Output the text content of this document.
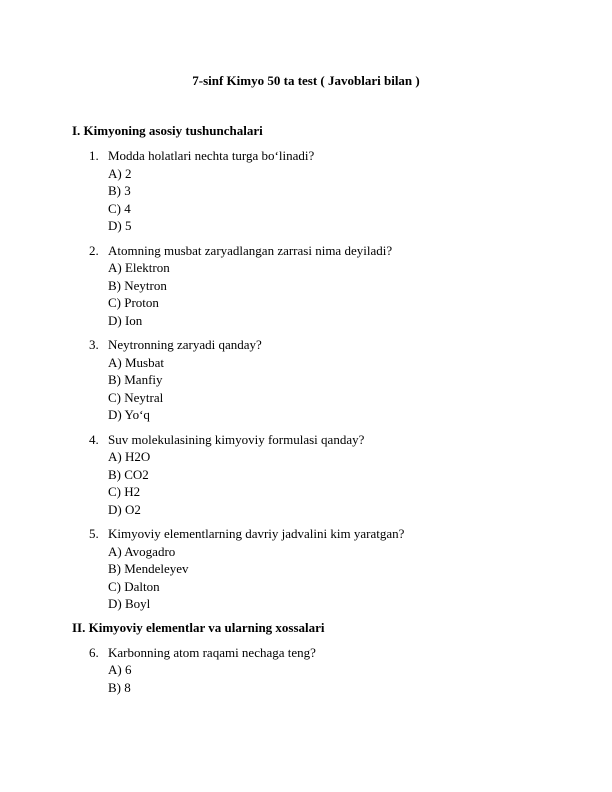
7-sinf Kimyo 50 ta test ( Javoblari bilan )
I. Kimyoning asosiy tushunchalari
1. Modda holatlari nechta turga bo‘linadi?
A) 2
B) 3
C) 4
D) 5
2. Atomning musbat zaryadlangan zarrasi nima deyiladi?
A) Elektron
B) Neytron
C) Proton
D) Ion
3. Neytronning zaryadi qanday?
A) Musbat
B) Manfiy
C) Neytral
D) Yo‘q
4. Suv molekulasining kimyoviy formulasi qanday?
A) H2O
B) CO2
C) H2
D) O2
5. Kimyoviy elementlarning davriy jadvalini kim yaratgan?
A) Avogadro
B) Mendeleyev
C) Dalton
D) Boyl
II. Kimyoviy elementlar va ularning xossalari
6. Karbonning atom raqami nechaga teng?
A) 6
B) 8
